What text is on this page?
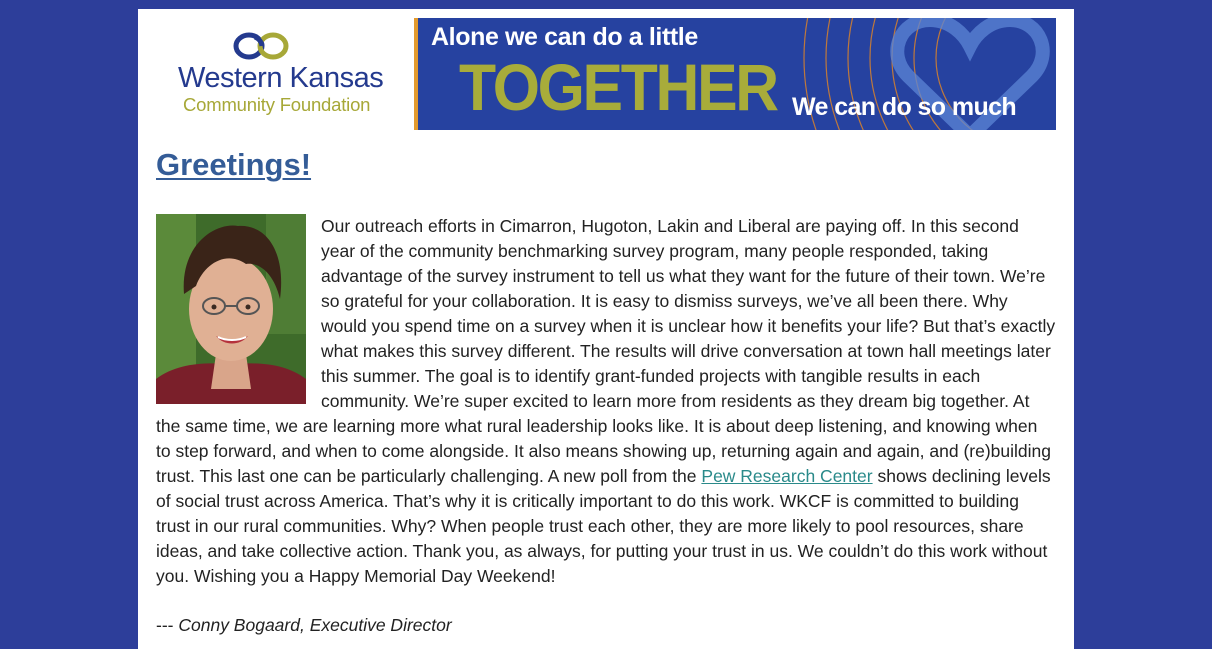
Western Kansas
Community Foundation
Alone we can do a little
TOGETHER We can do so much
Greetings!

Our outreach efforts in Cimarron, Hugoton, Lakin and Liberal are paying off. In this second year of the community benchmarking survey program, many people responded, taking advantage of the survey instrument to tell us what they want for the future of their town. We’re so grateful for your collaboration. It is easy to dismiss surveys, we’ve all been there. Why would you spend time on a survey when it is unclear how it benefits your life? But that’s exactly what makes this survey different. The results will drive conversation at town hall meetings later this summer. The goal is to identify grant-funded projects with tangible results in each community. We’re super excited to learn more from residents as they dream big together. At the same time, we are learning more what rural leadership looks like. It is about deep listening, and knowing when to step forward, and when to come alongside. It also means showing up, returning again and again, and (re)building trust. This last one can be particularly challenging. A new poll from the Pew Research Center shows declining levels of social trust across America. That’s why it is critically important to do this work. WKCF is committed to building trust in our rural communities. Why? When people trust each other, they are more likely to pool resources, share ideas, and take collective action. Thank you, as always, for putting your trust in us. We couldn’t do this work without you. Wishing you a Happy Memorial Day Weekend!

--- Conny Bogaard, Executive Director
